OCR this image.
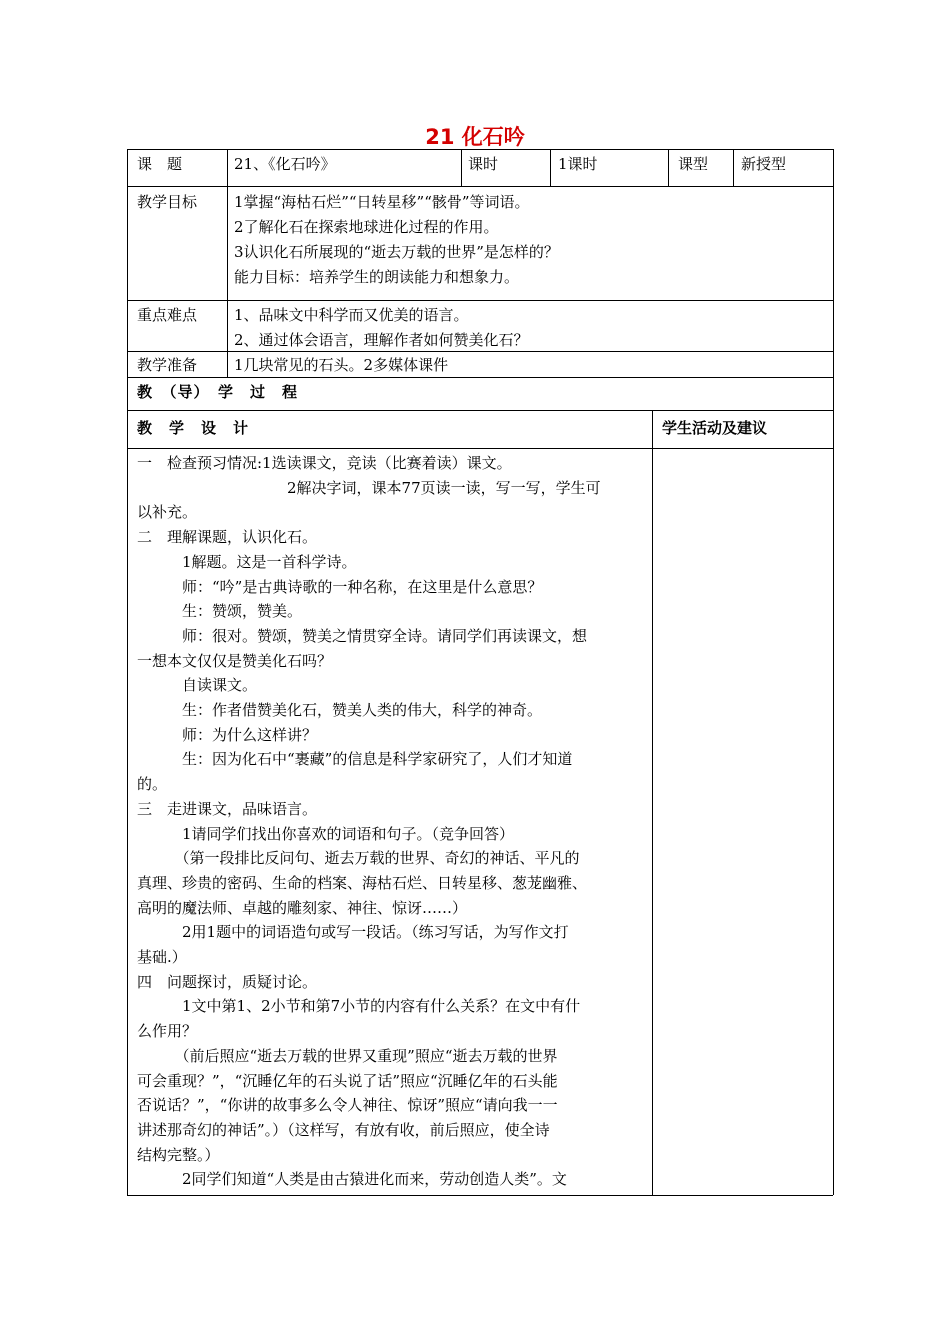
21 化石吟
课　题	21、《化石吟》	课时	1课时	课型 新授型
教学目标 1掌握“海枯石烂”“日转星移”“骸骨”等词语。
2了解化石在探索地球进化过程的作用。
3认识化石所展现的“逝去万载的世界”是怎样的？
能力目标：培养学生的朗读能力和想象力。
重点难点 1、品味文中科学而又优美的语言。
2、通过体会语言，理解作者如何赞美化石？
教学准备 1几块常见的石头。2多媒体课件
教　（导）　学　过　程
教　学　设　计	学生活动及建议
一　检查预习情况:1选读课文，竞读（比赛着读）课文。
　　　　　　　　　　2解决字词，课本77页读一读，写一写，学生可
以补充。
二　理解课题，认识化石。
　　　1解题。这是一首科学诗。
　　　师：“吟”是古典诗歌的一种名称，在这里是什么意思？
　　　生：赞颂，赞美。
　　　师：很对。赞颂，赞美之情贯穿全诗。请同学们再读课文，想
一想本文仅仅是赞美化石吗？
　　　自读课文。
　　　生：作者借赞美化石，赞美人类的伟大，科学的神奇。
　　　师：为什么这样讲？
　　　生：因为化石中“裹藏”的信息是科学家研究了，人们才知道
的。
三　走进课文，品味语言。
　　　1请同学们找出你喜欢的词语和句子。（竞争回答）
　　　（第一段排比反问句、逝去万载的世界、奇幻的神话、平凡的
真理、珍贵的密码、生命的档案、海枯石烂、日转星移、葱茏幽雅、
高明的魔法师、卓越的雕刻家、神往、惊讶……）
　　　2用1题中的词语造句或写一段话。（练习写话，为写作文打
基础.）
四　问题探讨，质疑讨论。
　　　1文中第1、2小节和第7小节的内容有什么关系？在文中有什
么作用？
　　　（前后照应“逝去万载的世界又重现”照应“逝去万载的世界
可会重现？”，“沉睡亿年的石头说了话”照应“沉睡亿年的石头能
否说话？”，“你讲的故事多么令人神往、惊讶”照应“请向我一一
讲述那奇幻的神话”。）（这样写，有放有收，前后照应，使全诗
结构完整。）
　　　2同学们知道“人类是由古猿进化而来，劳动创造人类”。文
